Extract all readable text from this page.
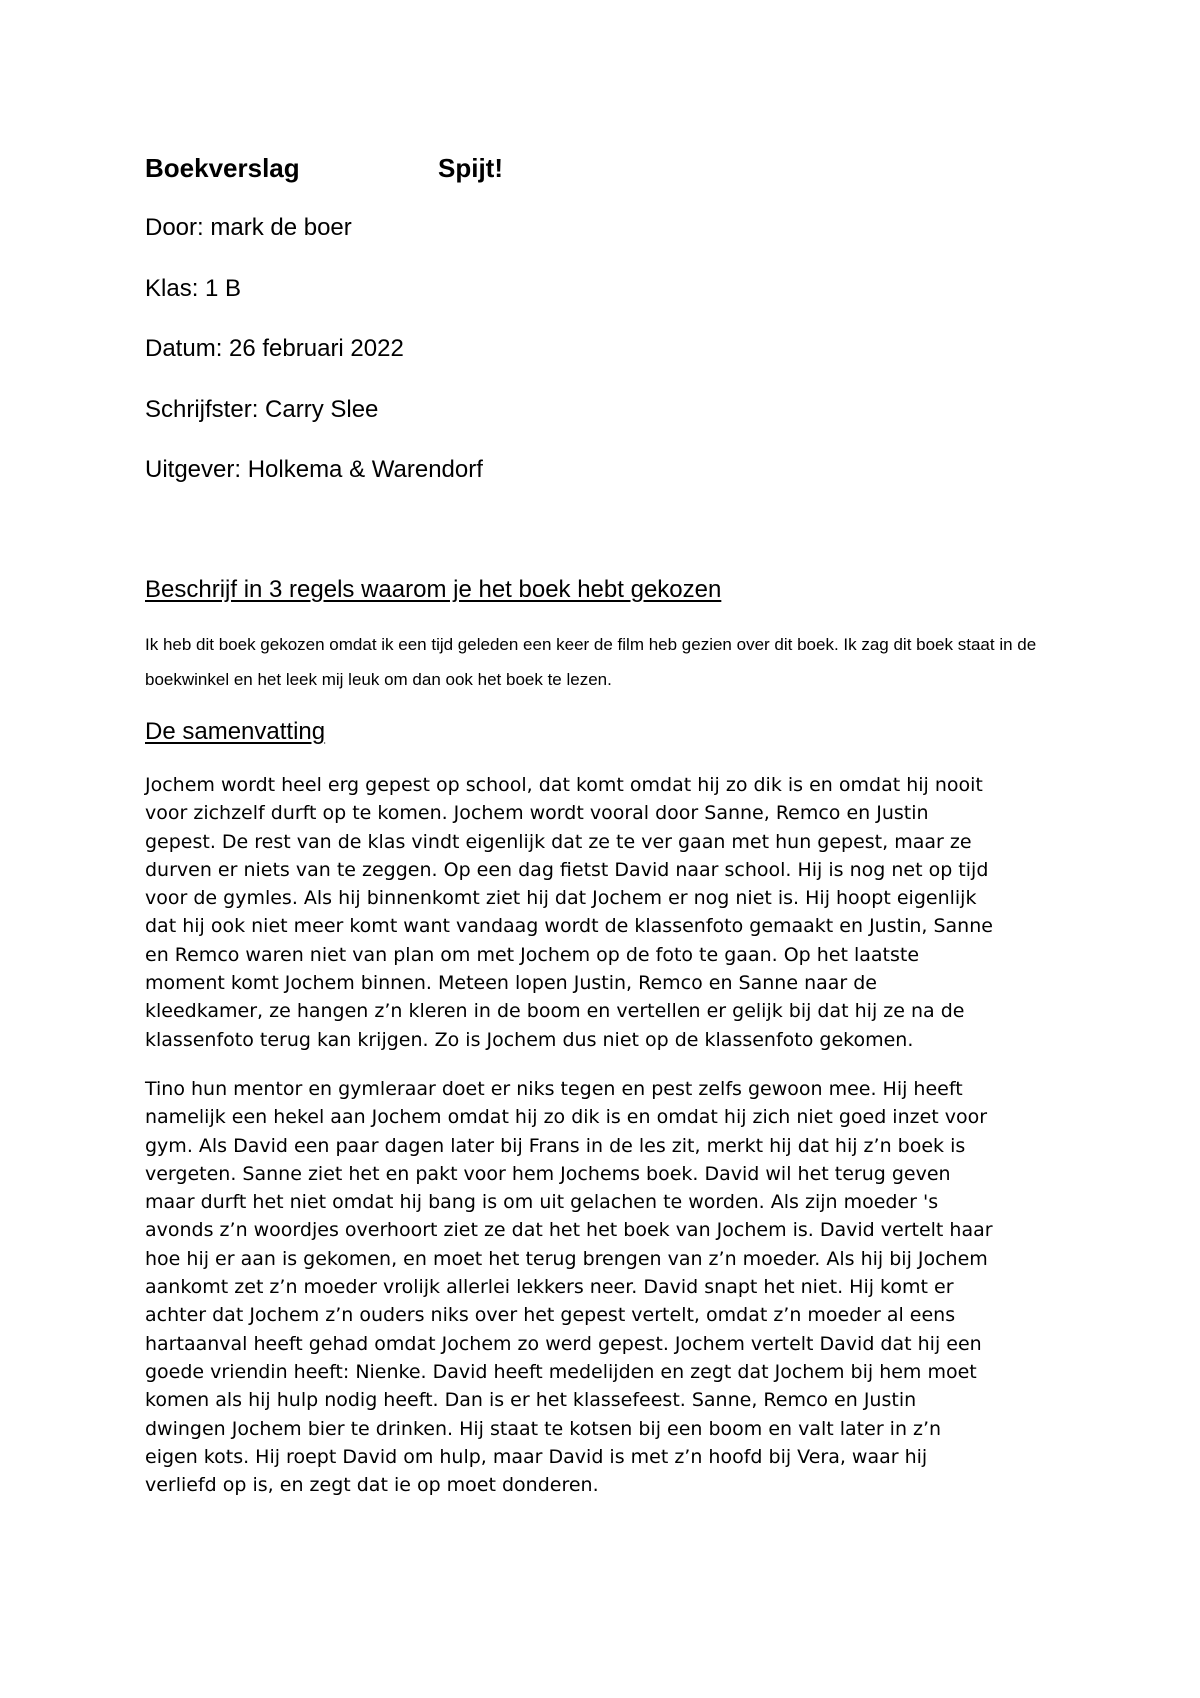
Boekverslag	Spijt!
Door: mark de boer
Klas: 1 B
Datum: 26 februari 2022
Schrijfster: Carry Slee
Uitgever: Holkema & Warendorf
Beschrijf in 3 regels waarom je het boek hebt gekozen
Ik heb dit boek gekozen omdat ik een tijd geleden een keer de film heb gezien over dit boek. Ik zag dit boek staat in de boekwinkel en het leek mij leuk om dan ook het boek te lezen.
De samenvatting
Jochem wordt heel erg gepest op school, dat komt omdat hij zo dik is en omdat hij nooit
voor zichzelf durft op te komen. Jochem wordt vooral door Sanne, Remco en Justin
gepest. De rest van de klas vindt eigenlijk dat ze te ver gaan met hun gepest, maar ze
durven er niets van te zeggen. Op een dag fietst David naar school. Hij is nog net op tijd
voor de gymles. Als hij binnenkomt ziet hij dat Jochem er nog niet is. Hij hoopt eigenlijk
dat hij ook niet meer komt want vandaag wordt de klassenfoto gemaakt en Justin, Sanne
en Remco waren niet van plan om met Jochem op de foto te gaan. Op het laatste
moment komt Jochem binnen. Meteen lopen Justin, Remco en Sanne naar de
kleedkamer, ze hangen z’n kleren in de boom en vertellen er gelijk bij dat hij ze na de
klassenfoto terug kan krijgen. Zo is Jochem dus niet op de klassenfoto gekomen.
Tino hun mentor en gymleraar doet er niks tegen en pest zelfs gewoon mee. Hij heeft
namelijk een hekel aan Jochem omdat hij zo dik is en omdat hij zich niet goed inzet voor
gym. Als David een paar dagen later bij Frans in de les zit, merkt hij dat hij z’n boek is
vergeten. Sanne ziet het en pakt voor hem Jochems boek. David wil het terug geven
maar durft het niet omdat hij bang is om uit gelachen te worden. Als zijn moeder 's
avonds z’n woordjes overhoort ziet ze dat het het boek van Jochem is. David vertelt haar
hoe hij er aan is gekomen, en moet het terug brengen van z’n moeder. Als hij bij Jochem
aankomt zet z’n moeder vrolijk allerlei lekkers neer. David snapt het niet. Hij komt er
achter dat Jochem z’n ouders niks over het gepest vertelt, omdat z’n moeder al eens
hartaanval heeft gehad omdat Jochem zo werd gepest. Jochem vertelt David dat hij een
goede vriendin heeft: Nienke. David heeft medelijden en zegt dat Jochem bij hem moet
komen als hij hulp nodig heeft. Dan is er het klassefeest. Sanne, Remco en Justin
dwingen Jochem bier te drinken. Hij staat te kotsen bij een boom en valt later in z’n
eigen kots. Hij roept David om hulp, maar David is met z’n hoofd bij Vera, waar hij
verliefd op is, en zegt dat ie op moet donderen.
